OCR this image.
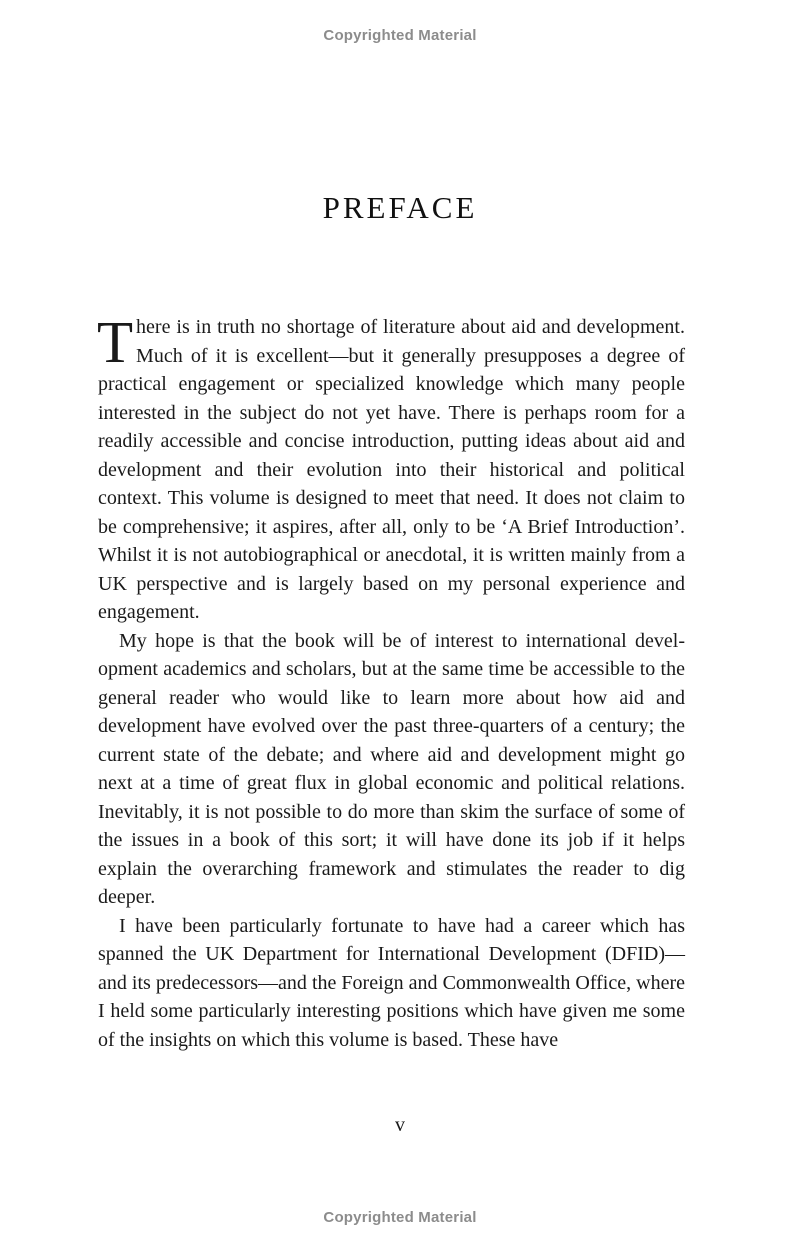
Copyrighted Material
PREFACE

There is in truth no shortage of literature about aid and development. Much of it is excellent—but it generally presupposes a degree of practical engagement or specialized knowledge which many people interested in the subject do not yet have. There is perhaps room for a readily accessible and concise introduction, putting ideas about aid and development and their evolution into their historical and political context. This volume is designed to meet that need. It does not claim to be comprehensive; it aspires, after all, only to be ‘A Brief Introduction’. Whilst it is not autobiographical or anecdotal, it is written mainly from a UK perspective and is largely based on my personal experience and engagement.

My hope is that the book will be of interest to international development academics and scholars, but at the same time be accessible to the general reader who would like to learn more about how aid and development have evolved over the past three-quarters of a century; the current state of the debate; and where aid and development might go next at a time of great flux in global economic and political relations. Inevitably, it is not possible to do more than skim the surface of some of the issues in a book of this sort; it will have done its job if it helps explain the overarching framework and stimulates the reader to dig deeper.

I have been particularly fortunate to have had a career which has spanned the UK Department for International Development (DFID)— and its predecessors—and the Foreign and Commonwealth Office, where I held some particularly interesting positions which have given me some of the insights on which this volume is based. These have

v
Copyrighted Material
